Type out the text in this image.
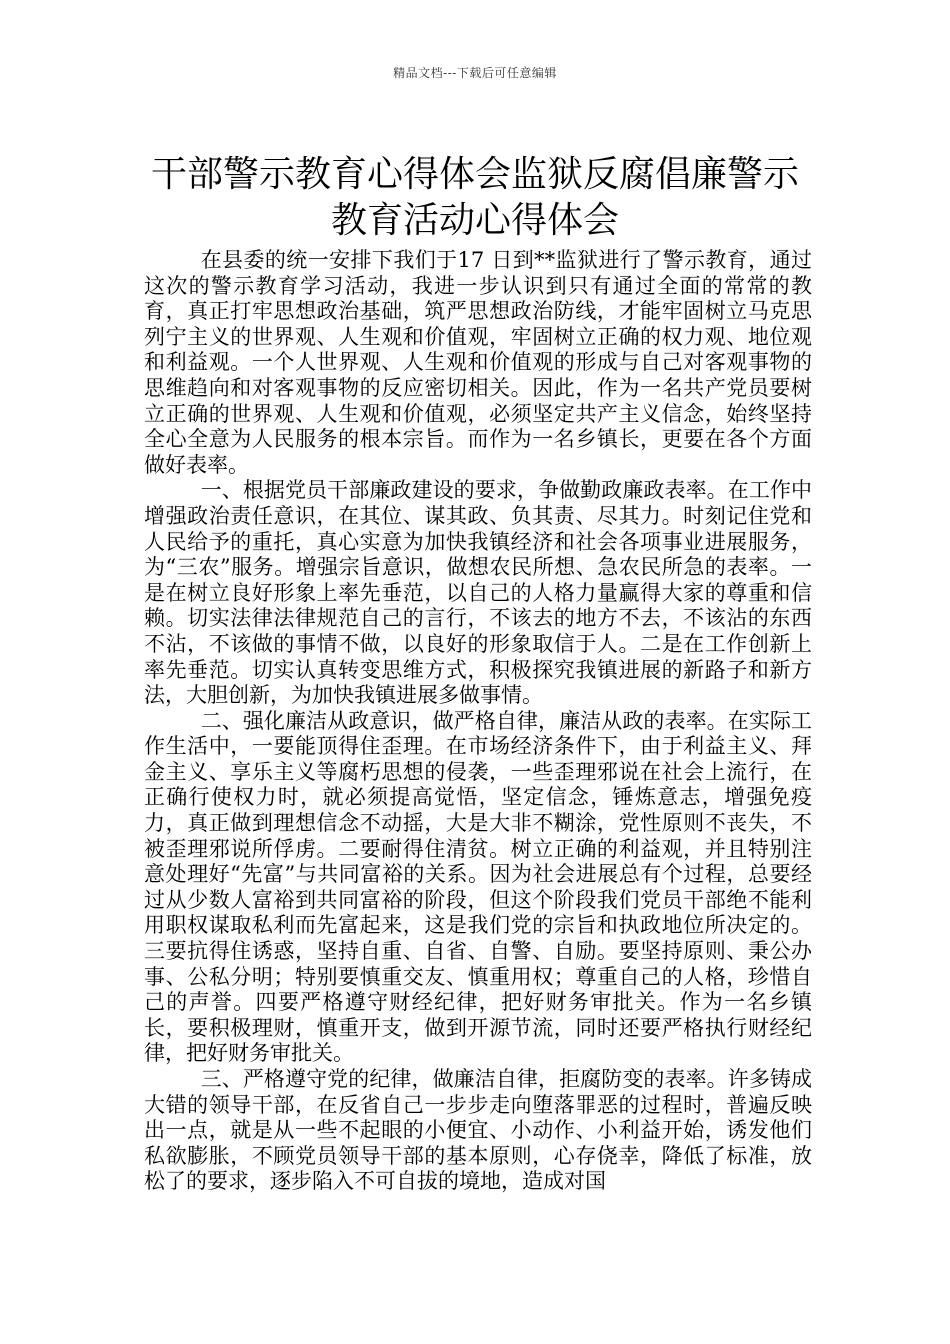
精品文档---下载后可任意编辑
干部警示教育心得体会监狱反腐倡廉警示
教育活动心得体会

在县委的统一安排下我们于17 日到**监狱进行了警示教育，通过这次的警示教育学习活动，我进一步认识到只有通过全面的常常的教育，真正打牢思想政治基础，筑严思想政治防线，才能牢固树立马克思列宁主义的世界观、人生观和价值观，牢固树立正确的权力观、地位观和利益观。一个人世界观、人生观和价值观的形成与自己对客观事物的思维趋向和对客观事物的反应密切相关。因此，作为一名共产党员要树立正确的世界观、人生观和价值观，必须坚定共产主义信念，始终坚持全心全意为人民服务的根本宗旨。而作为一名乡镇长，更要在各个方面做好表率。

一、根据党员干部廉政建设的要求，争做勤政廉政表率。在工作中增强政治责任意识，在其位、谋其政、负其责、尽其力。时刻记住党和人民给予的重托，真心实意为加快我镇经济和社会各项事业进展服务，为“三农”服务。增强宗旨意识，做想农民所想、急农民所急的表率。一是在树立良好形象上率先垂范，以自己的人格力量赢得大家的尊重和信赖。切实法律法律规范自己的言行，不该去的地方不去，不该沾的东西不沾，不该做的事情不做，以良好的形象取信于人。二是在工作创新上率先垂范。切实认真转变思维方式，积极探究我镇进展的新路子和新方法，大胆创新，为加快我镇进展多做事情。

二、强化廉洁从政意识，做严格自律，廉洁从政的表率。在实际工作生活中，一要能顶得住歪理。在市场经济条件下，由于利益主义、拜金主义、享乐主义等腐朽思想的侵袭，一些歪理邪说在社会上流行，在正确行使权力时，就必须提高觉悟，坚定信念，锤炼意志，增强免疫力，真正做到理想信念不动摇，大是大非不糊涂，党性原则不丧失，不被歪理邪说所俘虏。二要耐得住清贫。树立正确的利益观，并且特别注意处理好“先富”与共同富裕的关系。因为社会进展总有个过程，总要经过从少数人富裕到共同富裕的阶段，但这个阶段我们党员干部绝不能利用职权谋取私利而先富起来，这是我们党的宗旨和执政地位所决定的。三要抗得住诱惑，坚持自重、自省、自警、自励。要坚持原则、秉公办事、公私分明；特别要慎重交友、慎重用权；尊重自己的人格，珍惜自己的声誉。四要严格遵守财经纪律，把好财务审批关。作为一名乡镇长，要积极理财，慎重开支，做到开源节流，同时还要严格执行财经纪律，把好财务审批关。

三、严格遵守党的纪律，做廉洁自律，拒腐防变的表率。许多铸成大错的领导干部，在反省自己一步步走向堕落罪恶的过程时，普遍反映出一点，就是从一些不起眼的小便宜、小动作、小利益开始，诱发他们私欲膨胀，不顾党员领导干部的基本原则，心存侥幸，降低了标准，放松了的要求，逐步陷入不可自拔的境地，造成对国
